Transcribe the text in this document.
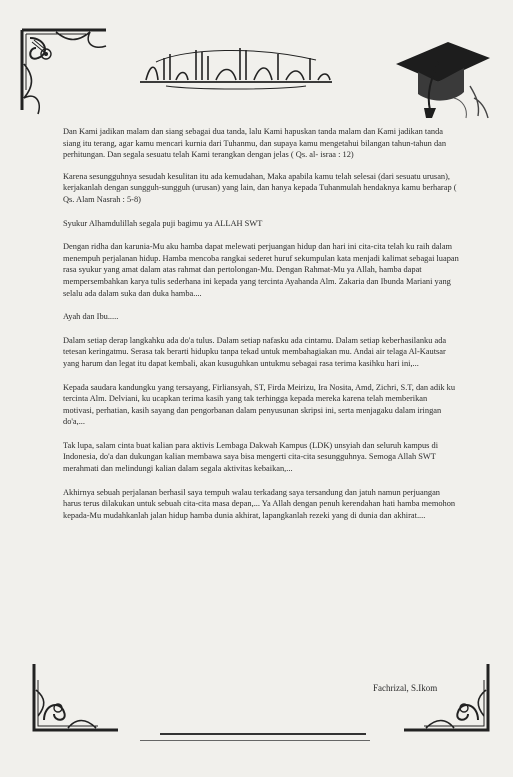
Dan Kami jadikan malam dan siang sebagai dua tanda, lalu Kami hapuskan tanda malam dan Kami jadikan tanda siang itu terang, agar kamu mencari kurnia dari Tuhanmu, dan supaya kamu mengetahui bilangan tahun-tahun dan perhitungan. Dan segala sesuatu telah Kami terangkan dengan jelas ( Qs. al- israa : 12)

Karena sesungguhnya sesudah kesulitan itu ada kemudahan, Maka apabila kamu telah selesai (dari sesuatu urusan), kerjakanlah dengan sungguh-sungguh (urusan) yang lain, dan hanya kepada Tuhanmulah hendaknya kamu berharap ( Qs. Alam Nasrah : 5-8)

Syukur Alhamdulillah segala puji bagimu ya ALLAH SWT

Dengan ridha dan karunia-Mu aku hamba dapat melewati perjuangan hidup dan hari ini cita-cita telah ku raih dalam menempuh perjalanan hidup. Hamba mencoba rangkai sederet huruf sekumpulan kata menjadi kalimat sebagai luapan rasa syukur yang amat dalam atas rahmat dan pertolongan-Mu. Dengan Rahmat-Mu ya Allah, hamba dapat mempersembahkan karya tulis sederhana ini kepada yang tercinta Ayahanda Alm. Zakaria dan Ibunda Mariani yang selalu ada dalam suka dan duka hamba....

Ayah dan Ibu.....

Dalam setiap derap langkahku ada do'a tulus. Dalam setiap nafasku ada cintamu. Dalam setiap keberhasilanku ada tetesan keringatmu. Serasa tak berarti hidupku tanpa tekad untuk membahagiakan mu. Andai air telaga Al-Kautsar yang harum dan legat itu dapat kembali, akan kusuguhkan untukmu sebagai rasa terima kasihku hari ini,...

Kepada saudara kandungku yang tersayang, Firliansyah, ST, Firda Meirizu, Ira Nosita, Amd, Zichri, S.T, dan adik ku tercinta Alm. Delviani, ku ucapkan terima kasih yang tak terhingga kepada mereka karena telah memberikan motivasi, perhatian, kasih sayang dan pengorbanan dalam penyusunan skripsi ini, serta menjagaku dalam iringan do'a,...

Tak lupa, salam cinta buat kalian para aktivis Lembaga Dakwah Kampus (LDK) unsyiah dan seluruh kampus di Indonesia, do'a dan dukungan kalian membawa saya bisa mengerti cita-cita sesungguhnya. Semoga Allah SWT merahmati dan melindungi kalian dalam segala aktivitas kebaikan,...

Akhirnya sebuah perjalanan berhasil saya tempuh walau terkadang saya tersandung dan jatuh namun perjuangan harus terus dilakukan untuk sebuah cita-cita masa depan,... Ya Allah dengan penuh kerendahan hati hamba memohon kepada-Mu mudahkanlah jalan hidup hamba dunia akhirat, lapangkanlah rezeki yang di dunia dan akhirat....

Fachrizal, S.Ikom
